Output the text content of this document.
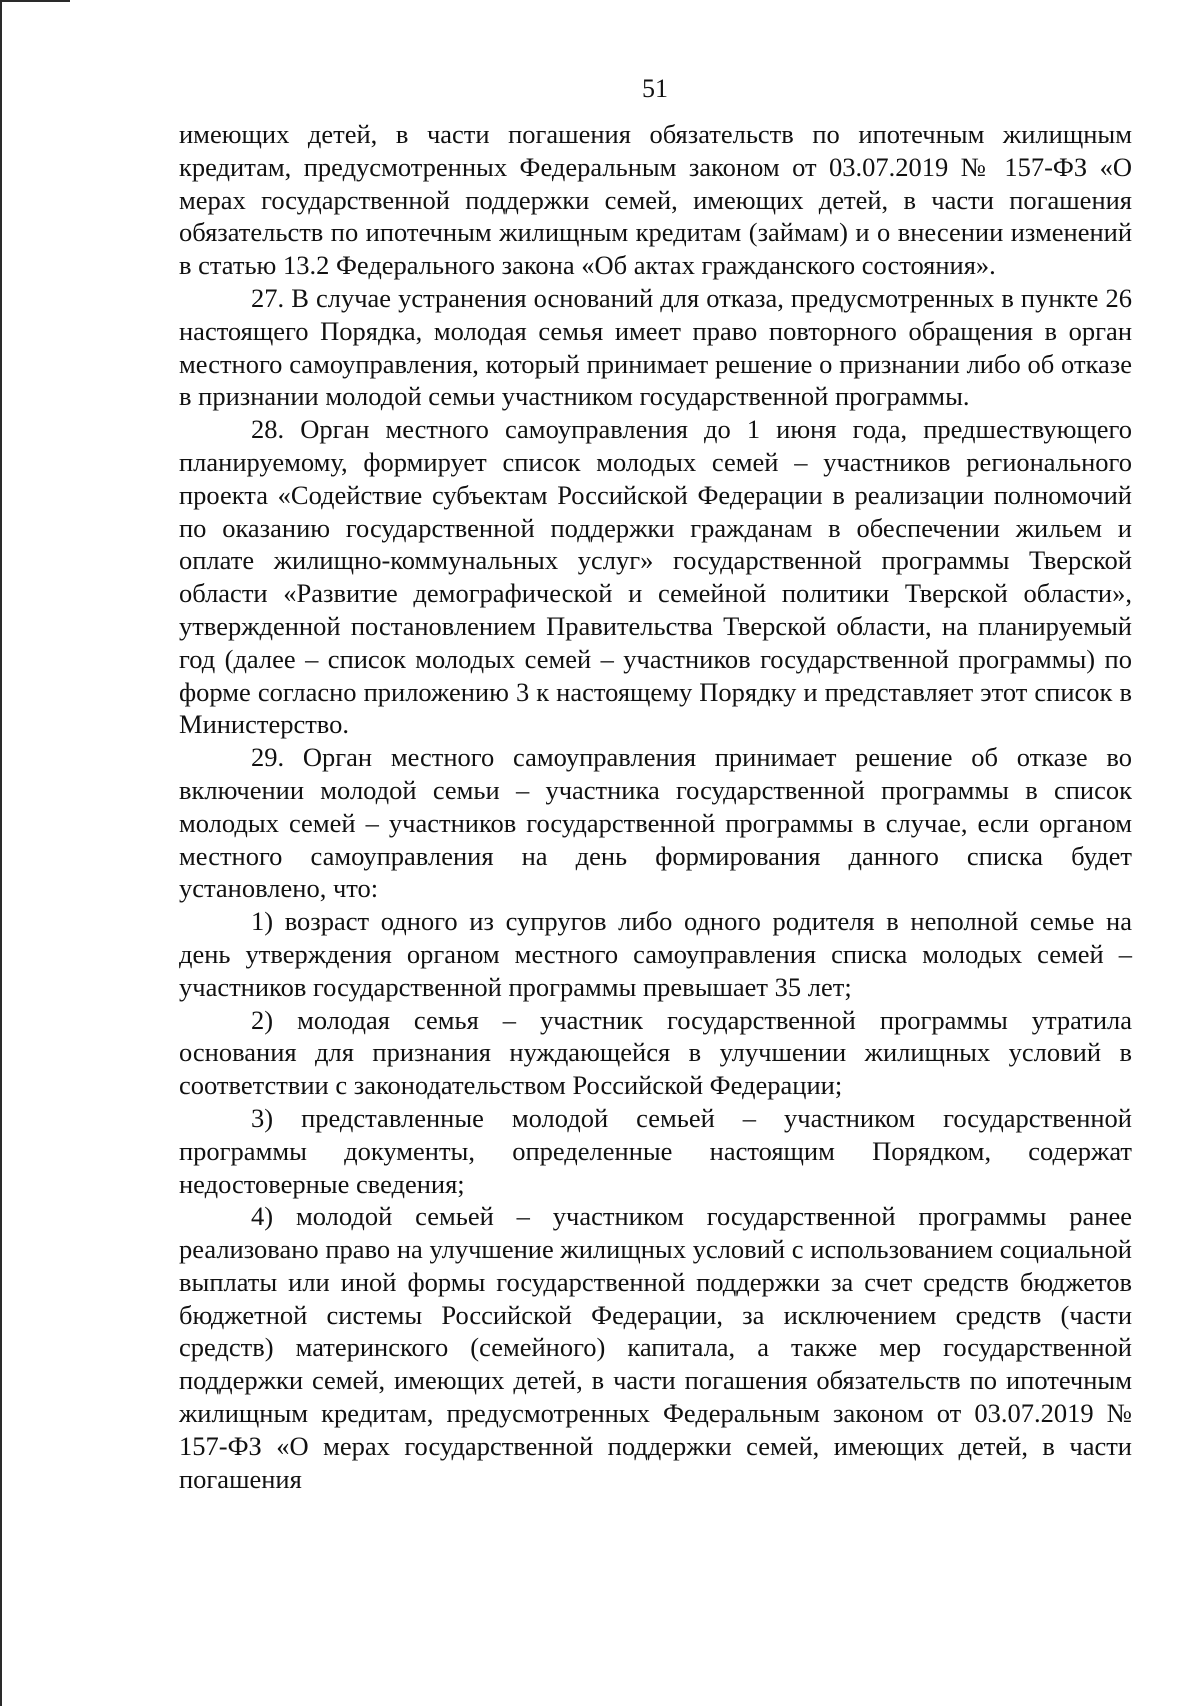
51

имеющих детей, в части погашения обязательств по ипотечным жилищным кредитам, предусмотренных Федеральным законом от 03.07.2019 № 157-ФЗ «О мерах государственной поддержки семей, имеющих детей, в части погашения обязательств по ипотечным жилищным кредитам (займам) и о внесении изменений в статью 13.2 Федерального закона «Об актах гражданского состояния».

27. В случае устранения оснований для отказа, предусмотренных в пункте 26 настоящего Порядка, молодая семья имеет право повторного обращения в орган местного самоуправления, который принимает решение о признании либо об отказе в признании молодой семьи участником государственной программы.

28. Орган местного самоуправления до 1 июня года, предшествующего планируемому, формирует список молодых семей – участников регионального проекта «Содействие субъектам Российской Федерации в реализации полномочий по оказанию государственной поддержки гражданам в обеспечении жильем и оплате жилищно-коммунальных услуг» государственной программы Тверской области «Развитие демографической и семейной политики Тверской области», утвержденной постановлением Правительства Тверской области, на планируемый год (далее – список молодых семей – участников государственной программы) по форме согласно приложению 3 к настоящему Порядку и представляет этот список в Министерство.

29. Орган местного самоуправления принимает решение об отказе во включении молодой семьи – участника государственной программы в список молодых семей – участников государственной программы в случае, если органом местного самоуправления на день формирования данного списка будет установлено, что:

1) возраст одного из супругов либо одного родителя в неполной семье на день утверждения органом местного самоуправления списка молодых семей – участников государственной программы превышает 35 лет;

2) молодая семья – участник государственной программы утратила основания для признания нуждающейся в улучшении жилищных условий в соответствии с законодательством Российской Федерации;

3) представленные молодой семьей – участником государственной программы документы, определенные настоящим Порядком, содержат недостоверные сведения;

4) молодой семьей – участником государственной программы ранее реализовано право на улучшение жилищных условий с использованием социальной выплаты или иной формы государственной поддержки за счет средств бюджетов бюджетной системы Российской Федерации, за исключением средств (части средств) материнского (семейного) капитала, а также мер государственной поддержки семей, имеющих детей, в части погашения обязательств по ипотечным жилищным кредитам, предусмотренных Федеральным законом от 03.07.2019 № 157-ФЗ «О мерах государственной поддержки семей, имеющих детей, в части погашения
